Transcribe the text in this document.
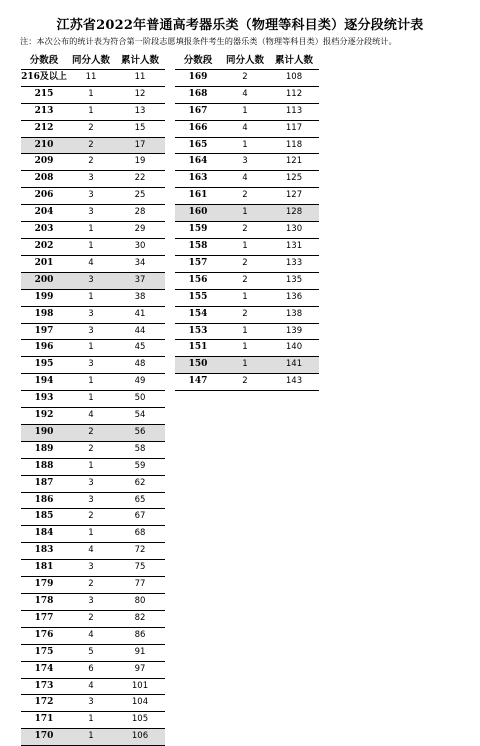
江苏省2022年普通高考器乐类（物理等科目类）逐分段统计表
注：本次公布的统计表为符合第一阶段志愿填报条件考生的器乐类（物理等科目类）报档分逐分段统计。
分数段	同分人数	累计人数
216及以上	11	11
215	1	12
213	1	13
212	2	15
210	2	17
209	2	19
208	3	22
206	3	25
204	3	28
203	1	29
202	1	30
201	4	34
200	3	37
199	1	38
198	3	41
197	3	44
196	1	45
195	3	48
194	1	49
193	1	50
192	4	54
190	2	56
189	2	58
188	1	59
187	3	62
186	3	65
185	2	67
184	1	68
183	4	72
181	3	75
179	2	77
178	3	80
177	2	82
176	4	86
175	5	91
174	6	97
173	4	101
172	3	104
171	1	105
170	1	106
分数段	同分人数	累计人数
169	2	108
168	4	112
167	1	113
166	4	117
165	1	118
164	3	121
163	4	125
161	2	127
160	1	128
159	2	130
158	1	131
157	2	133
156	2	135
155	1	136
154	2	138
153	1	139
151	1	140
150	1	141
147	2	143
